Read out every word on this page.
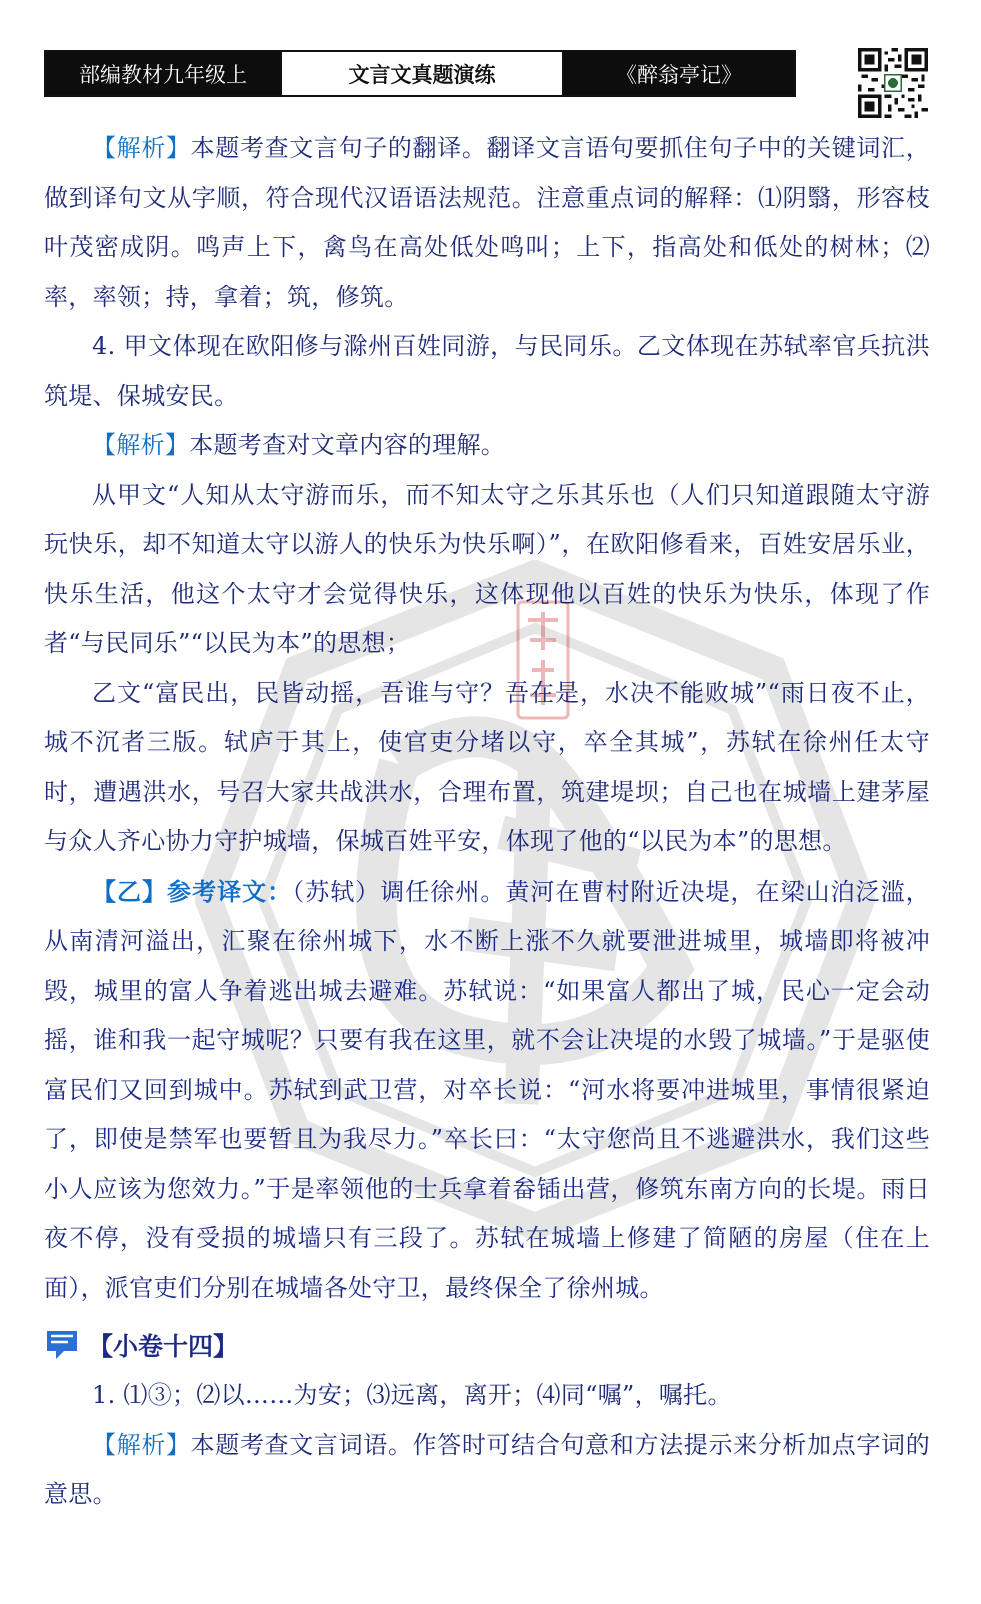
部编教材九年级上	文言文真题演练	《醉翁亭记》

【解析】本题考查文言句子的翻译。翻译文言语句要抓住句子中的关键词汇，做到译句文从字顺，符合现代汉语语法规范。注意重点词的解释：⑴阴翳，形容枝叶茂密成阴。鸣声上下，禽鸟在高处低处鸣叫；上下，指高处和低处的树林；⑵率，率领；持，拿着；筑，修筑。

4. 甲文体现在欧阳修与滁州百姓同游，与民同乐。乙文体现在苏轼率官兵抗洪筑堤、保城安民。

【解析】本题考查对文章内容的理解。

从甲文“人知从太守游而乐，而不知太守之乐其乐也（人们只知道跟随太守游玩快乐，却不知道太守以游人的快乐为快乐啊）”，在欧阳修看来，百姓安居乐业，快乐生活，他这个太守才会觉得快乐，这体现他以百姓的快乐为快乐，体现了作者“与民同乐”“以民为本”的思想；

乙文“富民出，民皆动摇，吾谁与守？吾在是，水决不能败城”“雨日夜不止，城不沉者三版。轼庐于其上，使官吏分堵以守，卒全其城”，苏轼在徐州任太守时，遭遇洪水，号召大家共战洪水，合理布置，筑建堤坝；自己也在城墙上建茅屋与众人齐心协力守护城墙，保城百姓平安，体现了他的“以民为本”的思想。

【乙】参考译文：（苏轼）调任徐州。黄河在曹村附近决堤，在梁山泊泛滥，从南清河溢出，汇聚在徐州城下，水不断上涨不久就要泄进城里，城墙即将被冲毁，城里的富人争着逃出城去避难。苏轼说：“如果富人都出了城，民心一定会动摇，谁和我一起守城呢？只要有我在这里，就不会让决堤的水毁了城墙。”于是驱使富民们又回到城中。苏轼到武卫营，对卒长说：“河水将要冲进城里，事情很紧迫了，即使是禁军也要暂且为我尽力。”卒长曰：“太守您尚且不逃避洪水，我们这些小人应该为您效力。”于是率领他的士兵拿着畚锸出营，修筑东南方向的长堤。雨日夜不停，没有受损的城墙只有三段了。苏轼在城墙上修建了简陋的房屋（住在上面），派官吏们分别在城墙各处守卫，最终保全了徐州城。

【小卷十四】

1. ⑴③；⑵以……为安；⑶远离，离开；⑷同“嘱”，嘱托。

【解析】本题考查文言词语。作答时可结合句意和方法提示来分析加点字词的意思。
